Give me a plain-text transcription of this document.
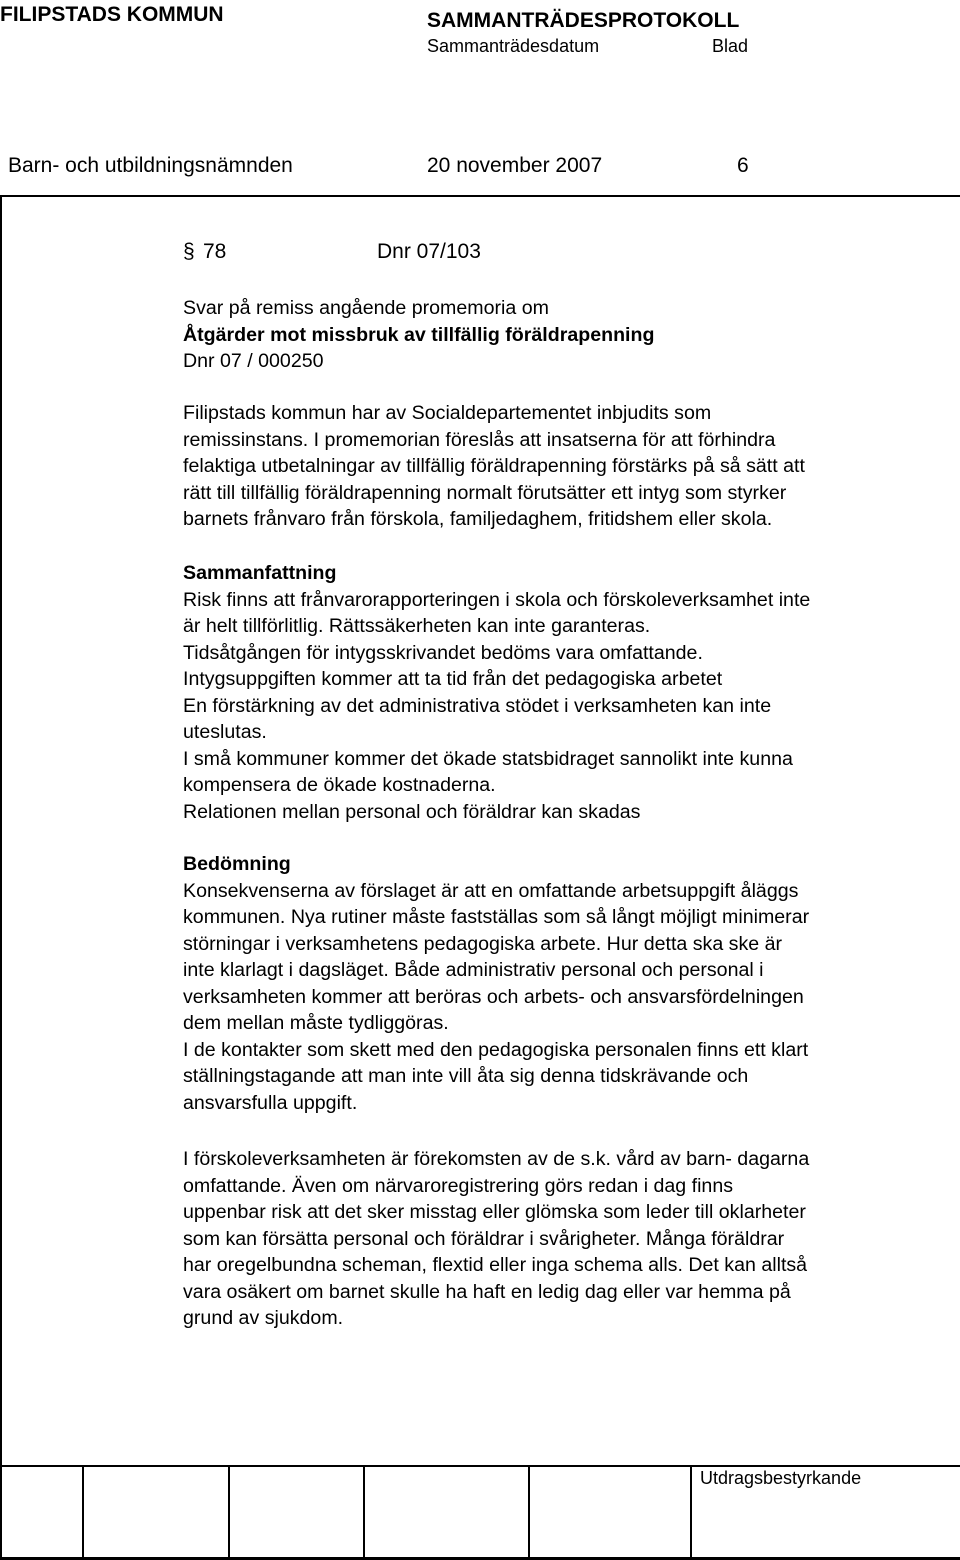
FILIPSTADS KOMMUN	SAMMANTRÄDESPROTOKOLL
Sammanträdesdatum	Blad
Barn- och utbildningsnämnden	20 november 2007	6
Utdragsbestyrkande
§ 78	Dnr 07/103
Svar på remiss angående promemoria om
Åtgärder mot missbruk av tillfällig föräldrapenning
Dnr 07 / 000250
Filipstads kommun har av Socialdepartementet inbjudits som
remissinstans. I promemorian föreslås att insatserna för att förhindra
felaktiga utbetalningar av tillfällig föräldrapenning förstärks på så sätt att
rätt till tillfällig föräldrapenning normalt förutsätter ett intyg som styrker
barnets frånvaro från förskola, familjedaghem, fritidshem eller skola.
Sammanfattning
Risk finns att frånvarorapporteringen i skola och förskoleverksamhet inte
är helt tillförlitlig. Rättssäkerheten kan inte garanteras.
Tidsåtgången för intygsskrivandet bedöms vara omfattande.
Intygsuppgiften kommer att ta tid från det pedagogiska arbetet
En förstärkning av det administrativa stödet i verksamheten kan inte
uteslutas.
I små kommuner kommer det ökade statsbidraget sannolikt inte kunna
kompensera de ökade kostnaderna.
Relationen mellan personal och föräldrar kan skadas
Bedömning
Konsekvenserna av förslaget är att en omfattande arbetsuppgift åläggs
kommunen. Nya rutiner måste fastställas som så långt möjligt minimerar
störningar i verksamhetens pedagogiska arbete. Hur detta ska ske är
inte klarlagt i dagsläget. Både administrativ personal och personal i
verksamheten kommer att beröras och arbets- och ansvarsfördelningen
dem mellan måste tydliggöras.
I de kontakter som skett med den pedagogiska personalen finns ett klart
ställningstagande att man inte vill åta sig denna tidskrävande och
ansvarsfulla uppgift.
I förskoleverksamheten är förekomsten av de s.k. vård av barn- dagarna
omfattande. Även om närvaroregistrering görs redan i dag finns
uppenbar risk att det sker misstag eller glömska som leder till oklarheter
som kan försätta personal och föräldrar i svårigheter. Många föräldrar
har oregelbundna scheman, flextid eller inga schema alls. Det kan alltså
vara osäkert om barnet skulle ha haft en ledig dag eller var hemma på
grund av sjukdom.
